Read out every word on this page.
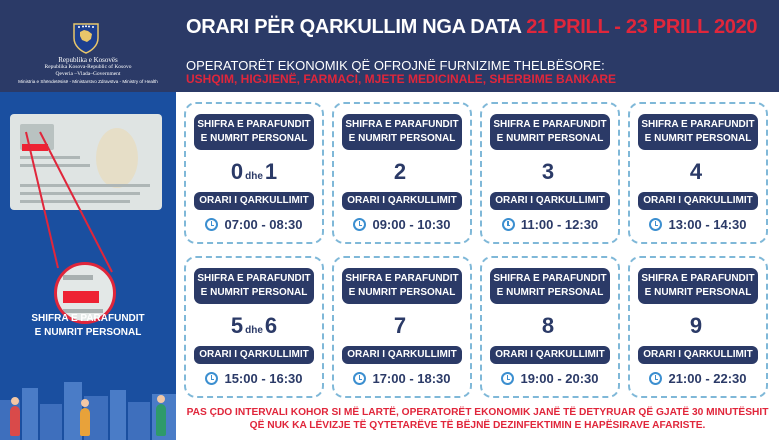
Republika e Kosovës
Republika Kosova-Republic of Kosovo
Qeveria –Vlada–Government
Ministria e Shëndetësisë - Ministarstvo Zdravstva - Ministry of Health
ORARI PËR QARKULLIM NGA DATA 21 PRILL - 23 PRILL 2020
OPERATORËT EKONOMIK QË OFROJNË FURNIZIME THELBËSORE:
USHQIM, HIGJIENË, FARMACI, MJETE MEDICINALE, SHERBIME BANKARE
SHIFRA E PARAFUNDIT
E NUMRIT PERSONAL
SHIFRA E PARAFUNDIT
E NUMRIT PERSONAL
0 dhe1
ORARI I QARKULLIMIT
07:00 - 08:30
SHIFRA E PARAFUNDIT
E NUMRIT PERSONAL
2
ORARI I QARKULLIMIT
09:00 - 10:30
SHIFRA E PARAFUNDIT
E NUMRIT PERSONAL
3
ORARI I QARKULLIMIT
11:00 - 12:30
SHIFRA E PARAFUNDIT
E NUMRIT PERSONAL
4
ORARI I QARKULLIMIT
13:00 - 14:30
SHIFRA E PARAFUNDIT
E NUMRIT PERSONAL
5 dhe6
ORARI I QARKULLIMIT
15:00 - 16:30
SHIFRA E PARAFUNDIT
E NUMRIT PERSONAL
7
ORARI I QARKULLIMIT
17:00 - 18:30
SHIFRA E PARAFUNDIT
E NUMRIT PERSONAL
8
ORARI I QARKULLIMIT
19:00 - 20:30
SHIFRA E PARAFUNDIT
E NUMRIT PERSONAL
9
ORARI I QARKULLIMIT
21:00 - 22:30
PAS ÇDO INTERVALI KOHOR SI MË LARTË, OPERATORËT EKONOMIK JANË TË DETYRUAR QË GJATË 30 MINUTËSHIT
QË NUK KA LËVIZJE TË QYTETARËVE TË BËJNË DEZINFEKTIMIN E HAPËSIRAVE AFARISTE.
